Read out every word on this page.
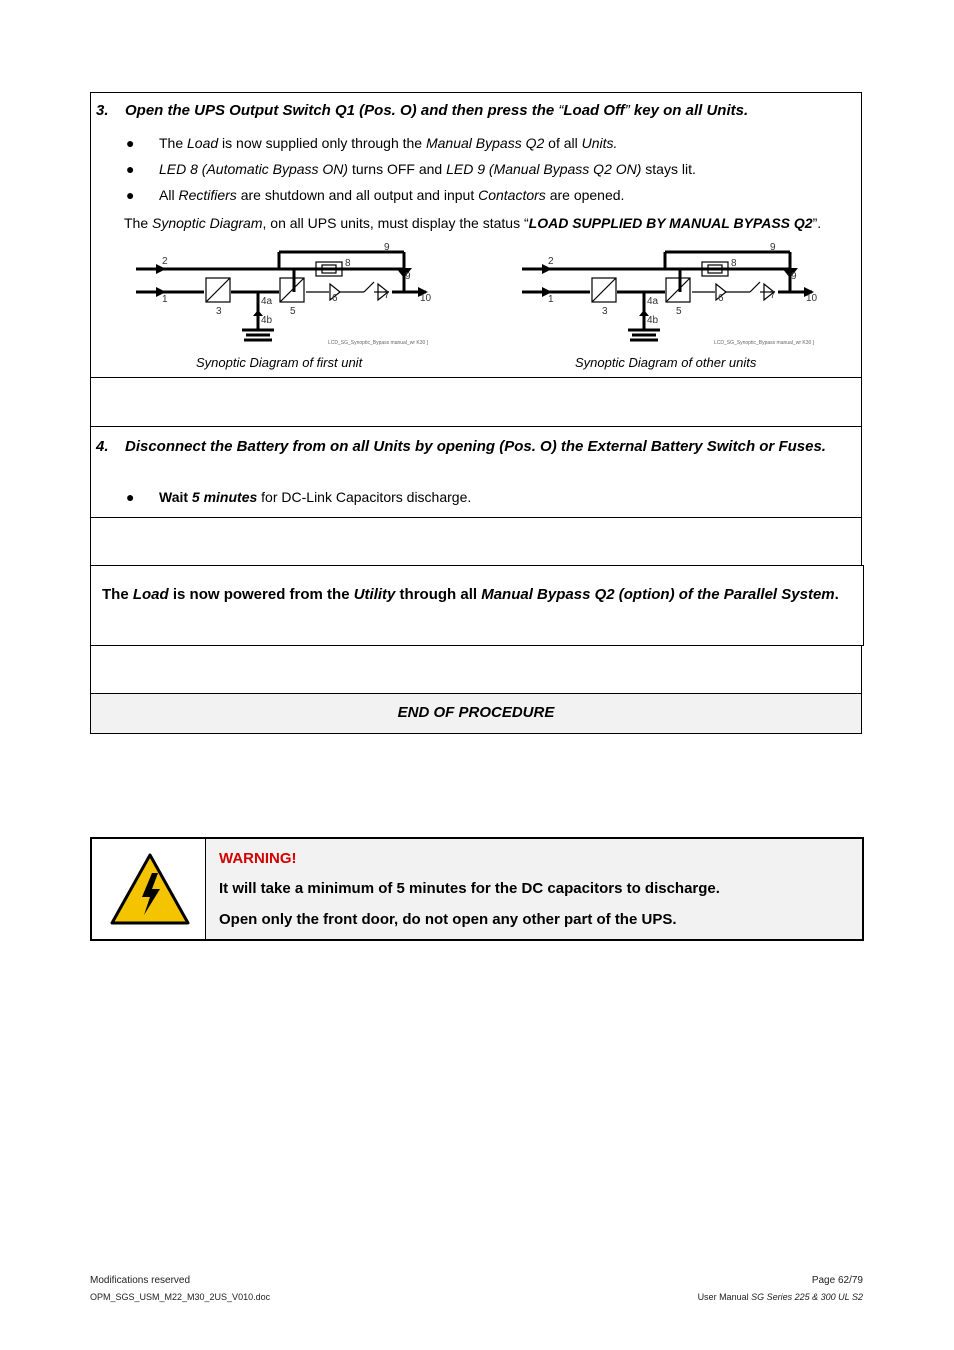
3. Open the UPS Output Switch Q1 (Pos. O) and then press the “Load Off” key on all Units.
● The Load is now supplied only through the Manual Bypass Q2 of all Units.
● LED 8 (Automatic Bypass ON) turns OFF and LED 9 (Manual Bypass Q2 ON) stays lit.
● All Rectifiers are shutdown and all output and input Contactors are opened.
The Synoptic Diagram, on all UPS units, must display the status “LOAD SUPPLIED BY MANUAL BYPASS Q2”.
2
1
3
4a
4b
5
6	7
8
9
9
10
LCD_SG_Synoptic_Bypass manual_wr K30 ]
2
1
3
4a
4b
5
6	7
8
9
9
10
LCD_SG_Synoptic_Bypass manual_wr K30 ]
Synoptic Diagram of first unit	Synoptic Diagram of other units
4. Disconnect the Battery from on all Units by opening (Pos. O) the External Battery Switch or Fuses.
● Wait 5 minutes for DC-Link Capacitors discharge.
The Load is now powered from the Utility through all Manual Bypass Q2 (option) of the Parallel System.
END OF PROCEDURE
WARNING!
It will take a minimum of 5 minutes for the DC capacitors to discharge.
Open only the front door, do not open any other part of the UPS.
Modifications reserved
OPM_SGS_USM_M22_M30_2US_V010.doc
Page 62/79
User Manual SG Series 225 & 300 UL S2
